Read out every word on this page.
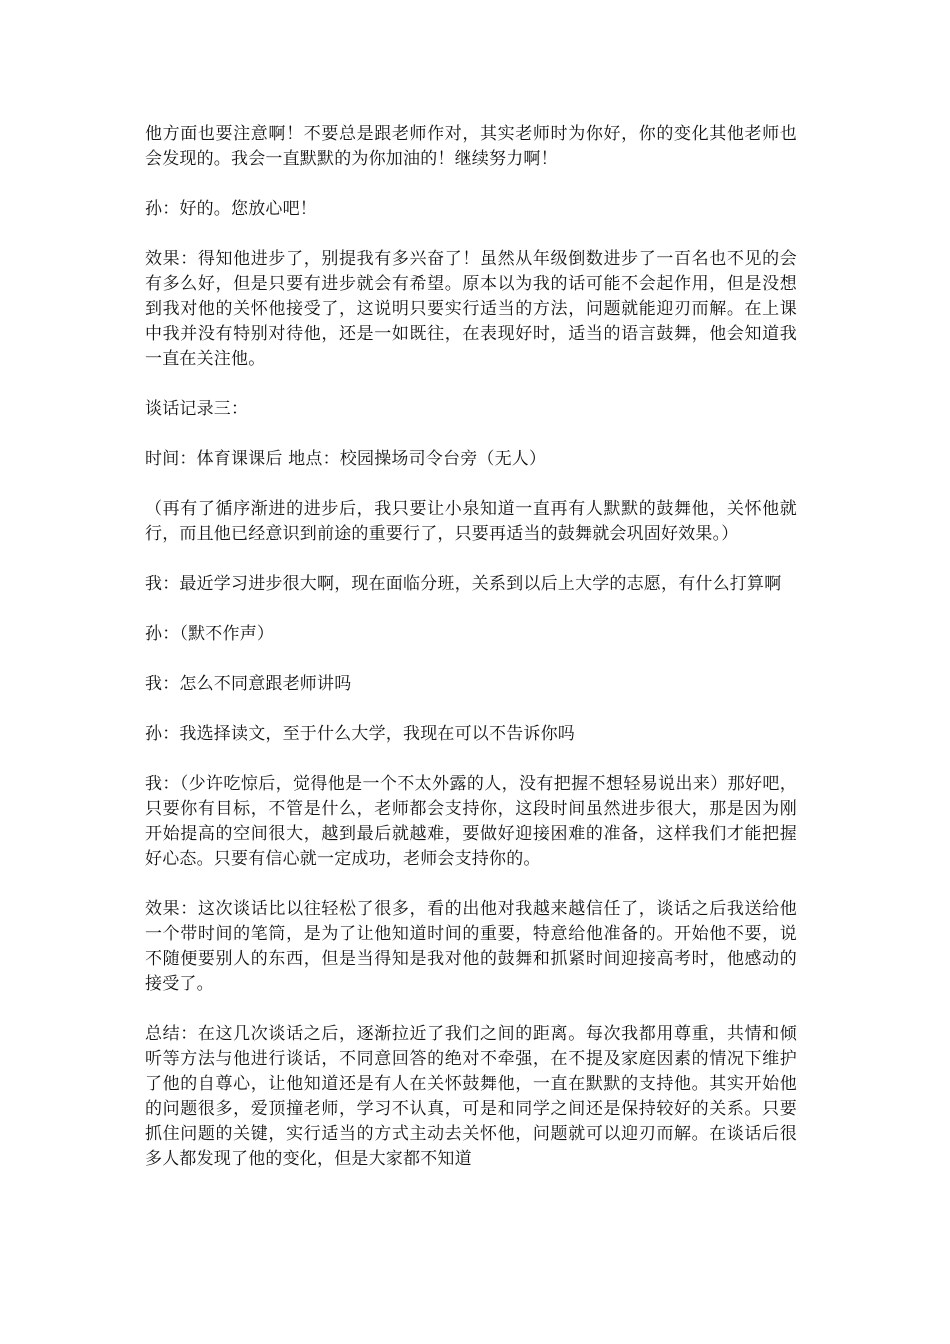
他方面也要注意啊！不要总是跟老师作对，其实老师时为你好，你的变化其他老师也会发现的。我会一直默默的为你加油的！继续努力啊！

孙：好的。您放心吧！

效果：得知他进步了，别提我有多兴奋了！虽然从年级倒数进步了一百名也不见的会有多么好，但是只要有进步就会有希望。原本以为我的话可能不会起作用，但是没想到我对他的关怀他接受了，这说明只要实行适当的方法，问题就能迎刃而解。在上课中我并没有特别对待他，还是一如既往，在表现好时，适当的语言鼓舞，他会知道我一直在关注他。

谈话记录三：

时间：体育课课后 地点：校园操场司令台旁（无人）

（再有了循序渐进的进步后，我只要让小泉知道一直再有人默默的鼓舞他，关怀他就行，而且他已经意识到前途的重要行了，只要再适当的鼓舞就会巩固好效果。）

我：最近学习进步很大啊，现在面临分班，关系到以后上大学的志愿，有什么打算啊

孙：（默不作声）

我：怎么不同意跟老师讲吗

孙：我选择读文，至于什么大学，我现在可以不告诉你吗

我：（少许吃惊后，觉得他是一个不太外露的人，没有把握不想轻易说出来）那好吧，只要你有目标，不管是什么，老师都会支持你，这段时间虽然进步很大，那是因为刚开始提高的空间很大，越到最后就越难，要做好迎接困难的准备，这样我们才能把握好心态。只要有信心就一定成功，老师会支持你的。

效果：这次谈话比以往轻松了很多，看的出他对我越来越信任了，谈话之后我送给他一个带时间的笔筒，是为了让他知道时间的重要，特意给他准备的。开始他不要，说不随便要别人的东西，但是当得知是我对他的鼓舞和抓紧时间迎接高考时，他感动的接受了。

总结：在这几次谈话之后，逐渐拉近了我们之间的距离。每次我都用尊重，共情和倾听等方法与他进行谈话，不同意回答的绝对不牵强，在不提及家庭因素的情况下维护了他的自尊心，让他知道还是有人在关怀鼓舞他，一直在默默的支持他。其实开始他的问题很多，爱顶撞老师，学习不认真，可是和同学之间还是保持较好的关系。只要抓住问题的关键，实行适当的方式主动去关怀他，问题就可以迎刃而解。在谈话后很多人都发现了他的变化，但是大家都不知道
